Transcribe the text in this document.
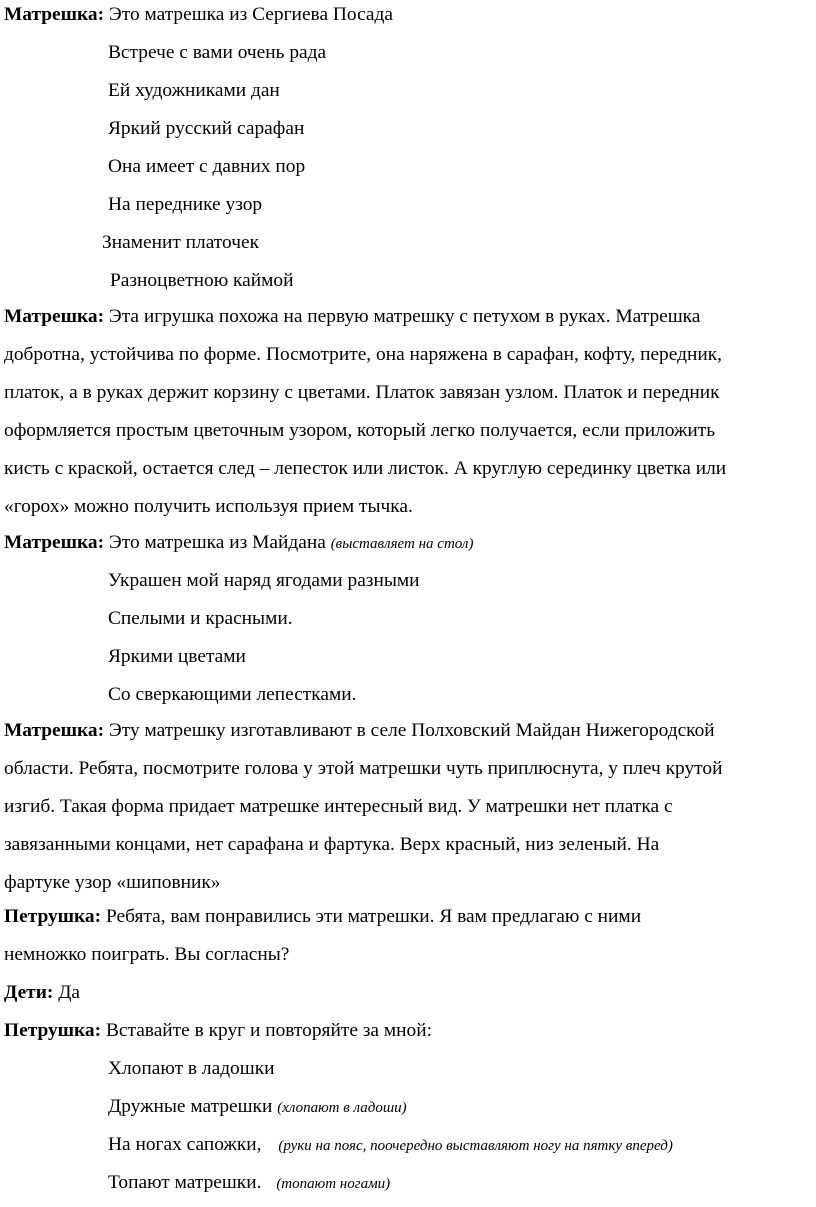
Матрешка: Это матрешка из Сергиева Посада
Встрече с вами очень рада
Ей художниками дан
Яркий русский сарафан
Она имеет с давних пор
На переднике узор
Знаменит платочек
Разноцветною каймой
Матрешка: Эта игрушка похожа на первую матрешку с петухом в руках. Матрешка
добротна, устойчива по форме. Посмотрите, она наряжена в сарафан, кофту, передник,
платок, а в руках держит корзину с цветами. Платок завязан узлом. Платок и передник
оформляется простым цветочным узором, который легко получается, если приложить
кисть с краской, остается след – лепесток или листок. А круглую серединку цветка или
«горох» можно получить используя прием тычка.
Матрешка: Это матрешка из Майдана (выставляет на стол)
Украшен мой наряд ягодами разными
Спелыми и красными.
Яркими цветами
Со сверкающими лепестками.
Матрешка: Эту матрешку изготавливают в селе Полховский Майдан Нижегородской
области. Ребята, посмотрите голова у этой матрешки чуть приплюснута, у плеч крутой
изгиб. Такая форма придает матрешке интересный вид. У матрешки нет платка с
завязанными концами, нет сарафана и фартука. Верх красный, низ зеленый. На
фартуке узор «шиповник»
Петрушка: Ребята, вам понравились эти матрешки. Я вам предлагаю с ними
немножко поиграть. Вы согласны?
Дети: Да
Петрушка: Вставайте в круг и повторяйте за мной:
Хлопают в ладошки
Дружные матрешки (хлопают в ладоши)
На ногах сапожки, (руки на пояс, поочередно выставляют ногу на пятку вперед)
Топают матрешки. (топают ногами)
